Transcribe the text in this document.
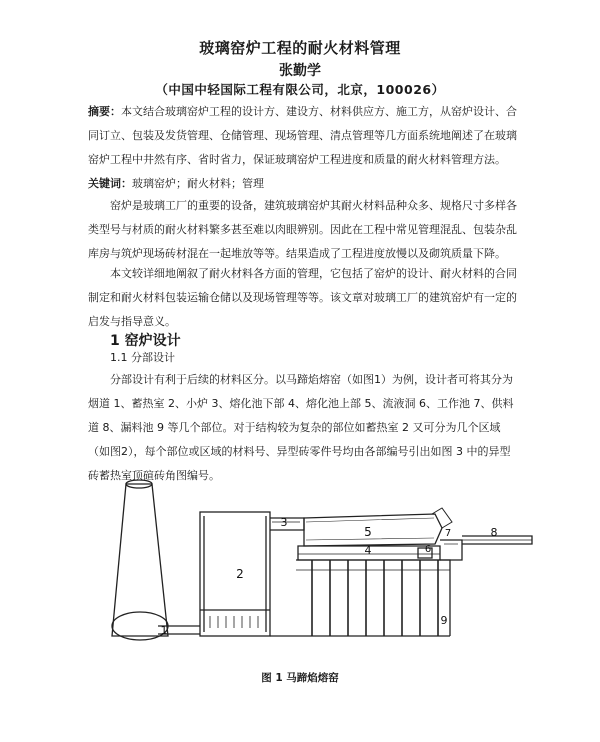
玻璃窑炉工程的耐火材料管理
张勤学
（中国中轻国际工程有限公司，北京，100026）
摘要：本文结合玻璃窑炉工程的设计方、建设方、材料供应方、施工方，从窑炉设计、合同订立、包装及发货管理、仓储管理、现场管理、清点管理等几方面系统地阐述了在玻璃窑炉工程中井然有序、省时省力，保证玻璃窑炉工程进度和质量的耐火材料管理方法。
关键词：玻璃窑炉；耐火材料；管理
窑炉是玻璃工厂的重要的设备，建筑玻璃窑炉其耐火材料品种众多、规格尺寸多样各类型号与材质的耐火材料繁多甚至难以肉眼辨别。因此在工程中常见管理混乱、包装杂乱库房与筑炉现场砖材混在一起堆放等等。结果造成了工程进度放慢以及砌筑质量下降。
本文较详细地阐叙了耐火材料各方面的管理，它包括了窑炉的设计、耐火材料的合同制定和耐火材料包装运输仓储以及现场管理等等。该文章对玻璃工厂的建筑窑炉有一定的启发与指导意义。
1 窑炉设计
1.1 分部设计
分部设计有利于后续的材料区分。以马蹄焰熔窑（如图1）为例，设计者可将其分为烟道 1、蓄热室 2、小炉 3、熔化池下部 4、熔化池上部 5、流液洞 6、工作池 7、供料道 8、漏料池 9 等几个部位。对于结构较为复杂的部位如蓄热室 2 又可分为几个区域（如图2），每个部位或区域的材料号、异型砖零件号均由各部编号引出如图 3 中的异型砖蓄热室顶碹砖角图编号。
1
2
3
4
5
6
7	8
9
图 1 马蹄焰熔窑
